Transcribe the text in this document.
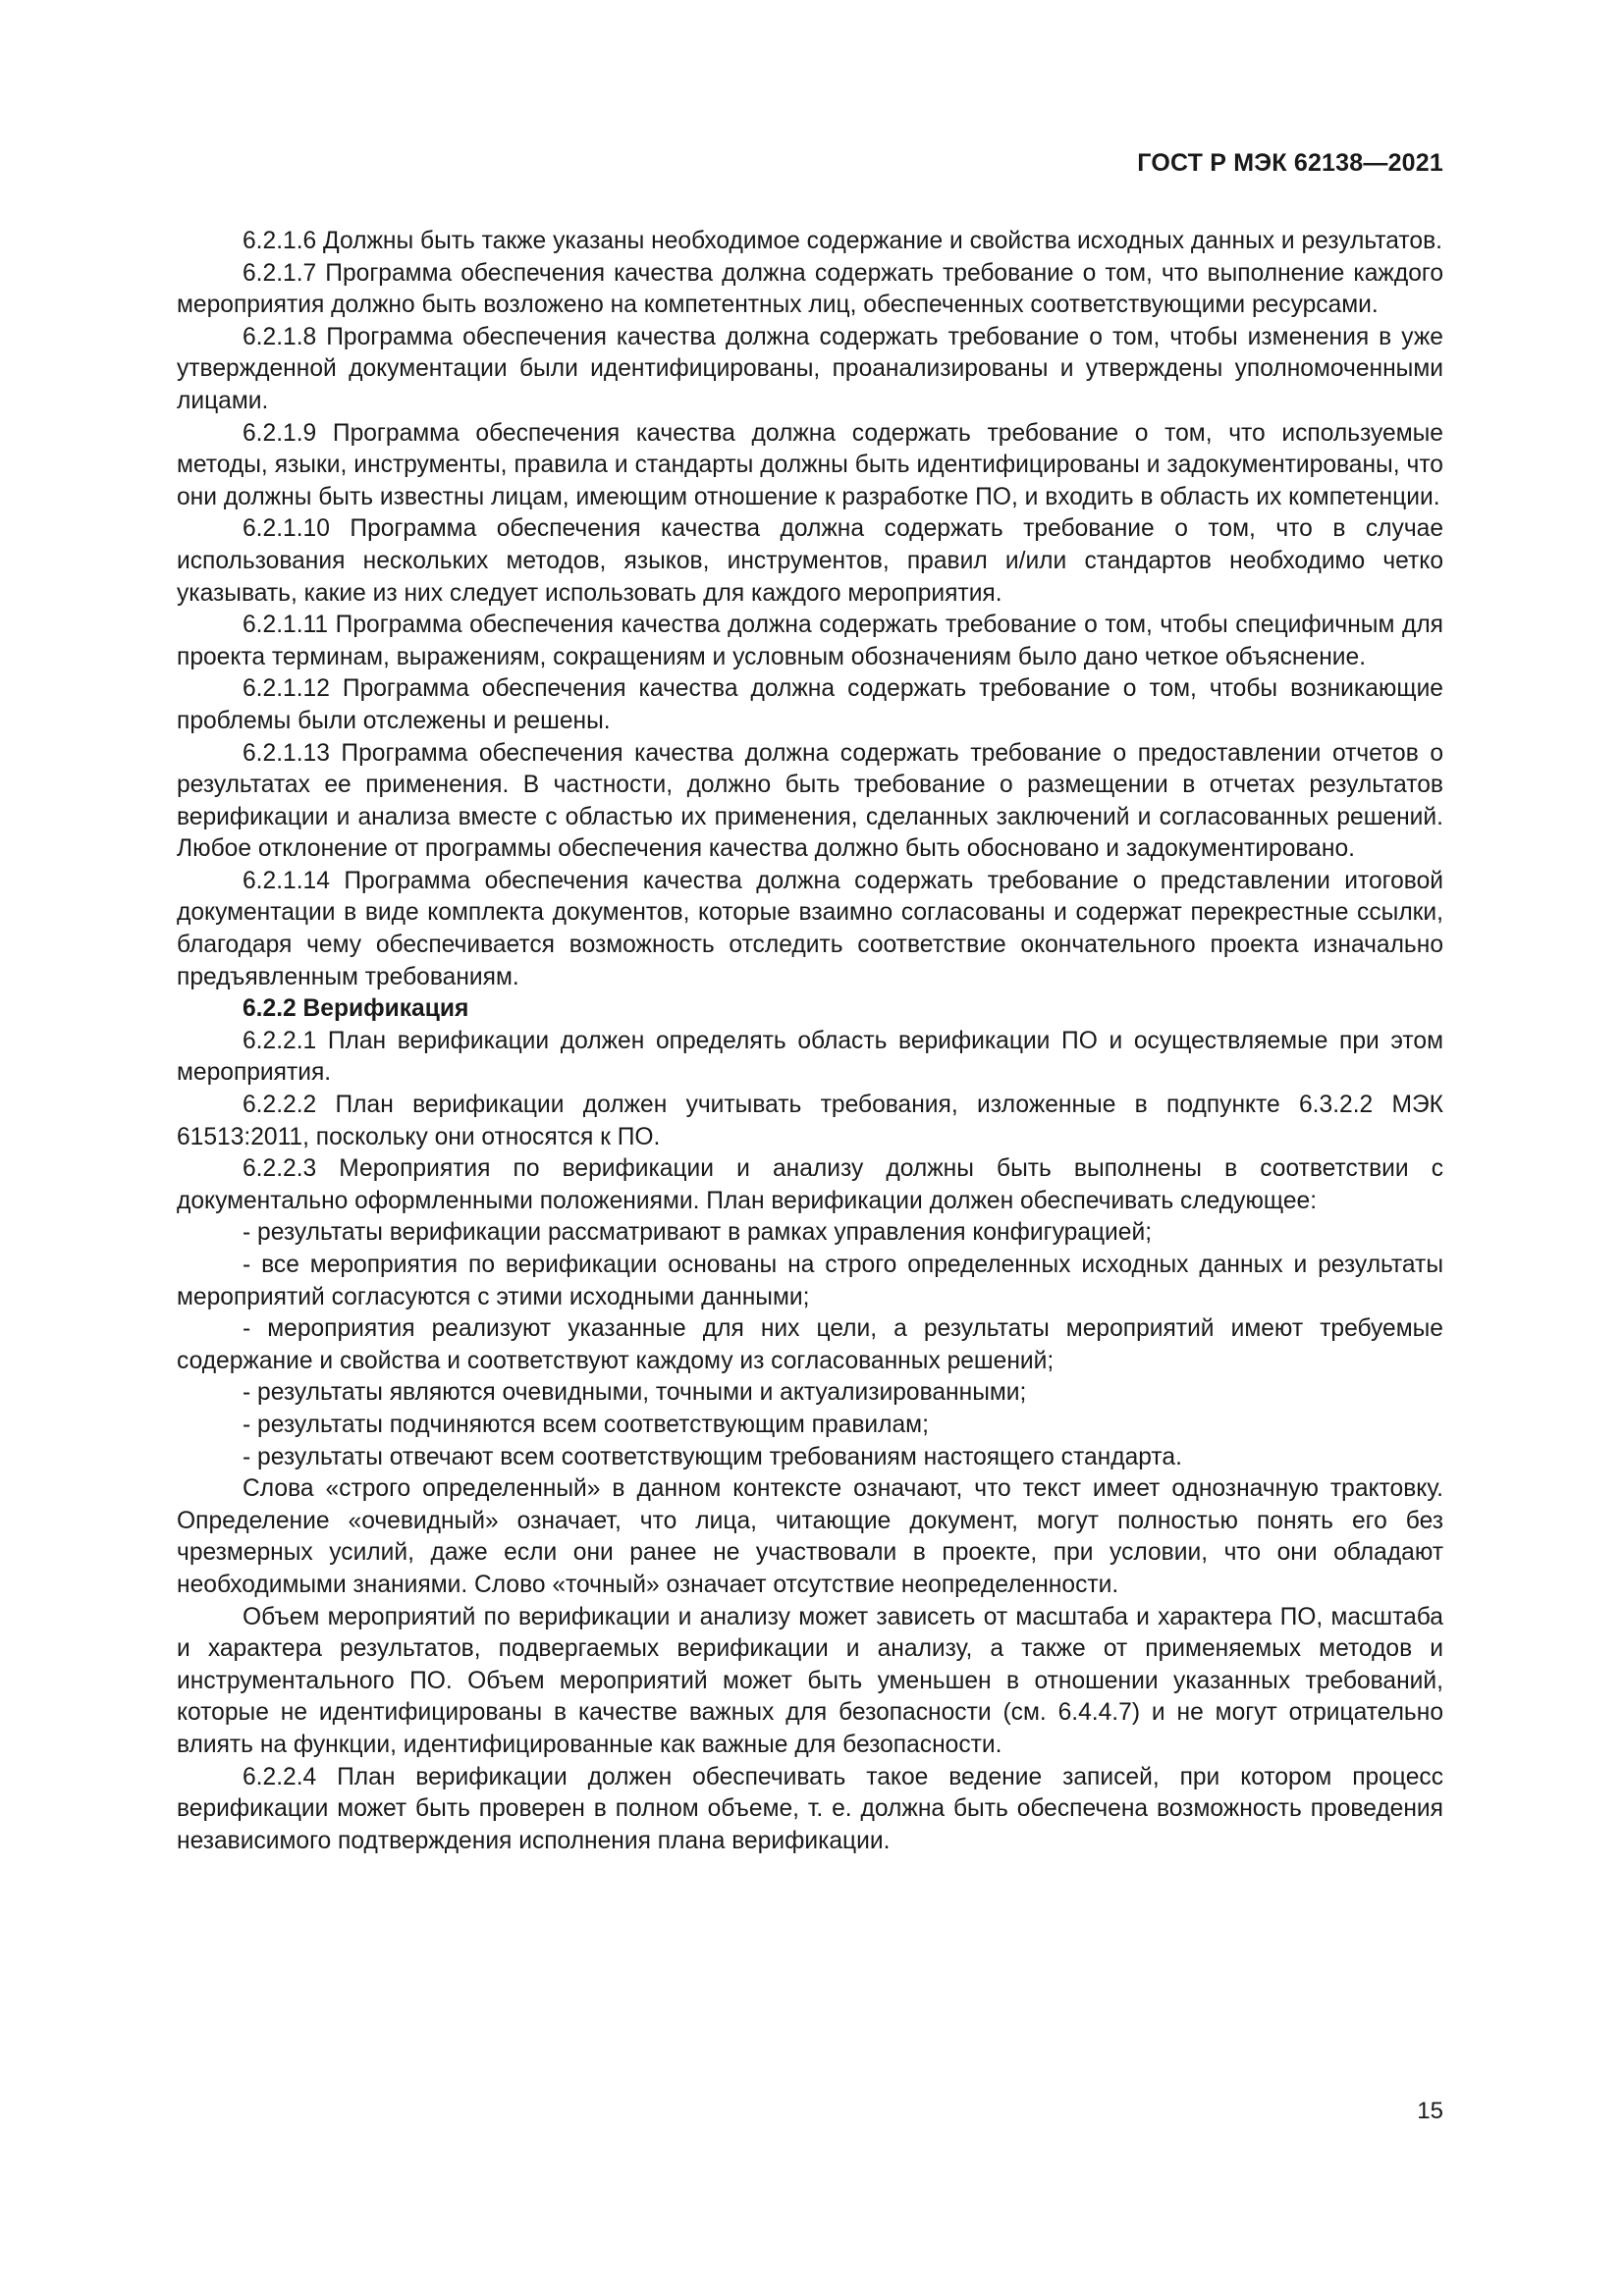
ГОСТ Р МЭК 62138—2021

6.2.1.6 Должны быть также указаны необходимое содержание и свойства исходных данных и результатов.

6.2.1.7 Программа обеспечения качества должна содержать требование о том, что выполнение каждого мероприятия должно быть возложено на компетентных лиц, обеспеченных соответствующими ресурсами.

6.2.1.8 Программа обеспечения качества должна содержать требование о том, чтобы изменения в уже утвержденной документации были идентифицированы, проанализированы и утверждены уполномоченными лицами.

6.2.1.9 Программа обеспечения качества должна содержать требование о том, что используемые методы, языки, инструменты, правила и стандарты должны быть идентифицированы и задокументированы, что они должны быть известны лицам, имеющим отношение к разработке ПО, и входить в область их компетенции.

6.2.1.10 Программа обеспечения качества должна содержать требование о том, что в случае использования нескольких методов, языков, инструментов, правил и/или стандартов необходимо четко указывать, какие из них следует использовать для каждого мероприятия.

6.2.1.11 Программа обеспечения качества должна содержать требование о том, чтобы специфичным для проекта терминам, выражениям, сокращениям и условным обозначениям было дано четкое объяснение.

6.2.1.12 Программа обеспечения качества должна содержать требование о том, чтобы возникающие проблемы были отслежены и решены.

6.2.1.13 Программа обеспечения качества должна содержать требование о предоставлении отчетов о результатах ее применения. В частности, должно быть требование о размещении в отчетах результатов верификации и анализа вместе с областью их применения, сделанных заключений и согласованных решений. Любое отклонение от программы обеспечения качества должно быть обосновано и задокументировано.

6.2.1.14 Программа обеспечения качества должна содержать требование о представлении итоговой документации в виде комплекта документов, которые взаимно согласованы и содержат перекрестные ссылки, благодаря чему обеспечивается возможность отследить соответствие окончательного проекта изначально предъявленным требованиям.

6.2.2 Верификация

6.2.2.1 План верификации должен определять область верификации ПО и осуществляемые при этом мероприятия.

6.2.2.2 План верификации должен учитывать требования, изложенные в подпункте 6.3.2.2 МЭК 61513:2011, поскольку они относятся к ПО.

6.2.2.3 Мероприятия по верификации и анализу должны быть выполнены в соответствии с документально оформленными положениями. План верификации должен обеспечивать следующее:

- результаты верификации рассматривают в рамках управления конфигурацией;

- все мероприятия по верификации основаны на строго определенных исходных данных и результаты мероприятий согласуются с этими исходными данными;

- мероприятия реализуют указанные для них цели, а результаты мероприятий имеют требуемые содержание и свойства и соответствуют каждому из согласованных решений;

- результаты являются очевидными, точными и актуализированными;

- результаты подчиняются всем соответствующим правилам;

- результаты отвечают всем соответствующим требованиям настоящего стандарта.

Слова «строго определенный» в данном контексте означают, что текст имеет однозначную трактовку. Определение «очевидный» означает, что лица, читающие документ, могут полностью понять его без чрезмерных усилий, даже если они ранее не участвовали в проекте, при условии, что они обладают необходимыми знаниями. Слово «точный» означает отсутствие неопределенности.

Объем мероприятий по верификации и анализу может зависеть от масштаба и характера ПО, масштаба и характера результатов, подвергаемых верификации и анализу, а также от применяемых методов и инструментального ПО. Объем мероприятий может быть уменьшен в отношении указанных требований, которые не идентифицированы в качестве важных для безопасности (см. 6.4.4.7) и не могут отрицательно влиять на функции, идентифицированные как важные для безопасности.

6.2.2.4 План верификации должен обеспечивать такое ведение записей, при котором процесс верификации может быть проверен в полном объеме, т. е. должна быть обеспечена возможность проведения независимого подтверждения исполнения плана верификации.

15
